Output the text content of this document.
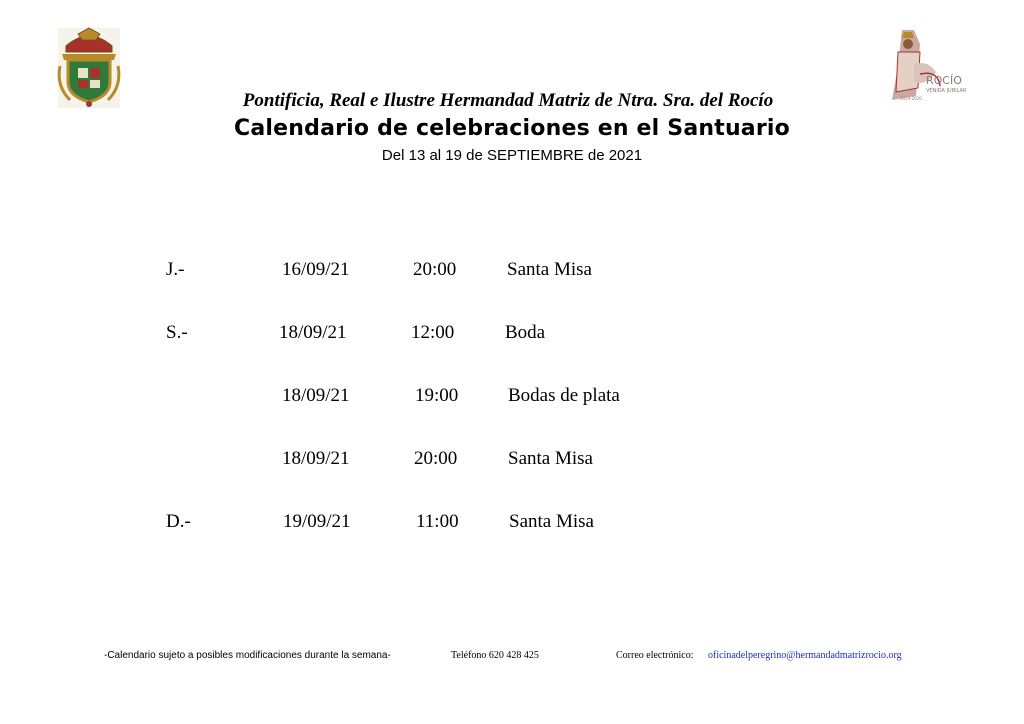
ROCÍO
VENIDA JUBILAR
2019-2020
Pontificia, Real e Ilustre Hermandad Matriz de Ntra. Sra. del Rocío
Calendario de celebraciones en el Santuario
Del 13 al 19 de SEPTIEMBRE de 2021
J.-	16/09/21	20:00	Santa Misa
S.-	18/09/21	12:00	Boda
18/09/21	19:00	Bodas de plata
18/09/21	20:00	Santa Misa
D.-	19/09/21	11:00	Santa Misa
-Calendario sujeto a posibles modificaciones durante la semana-	Teléfono 620 428 425	Correo electrónico: oficinadelperegrino@hermandadmatrizrocio.org
